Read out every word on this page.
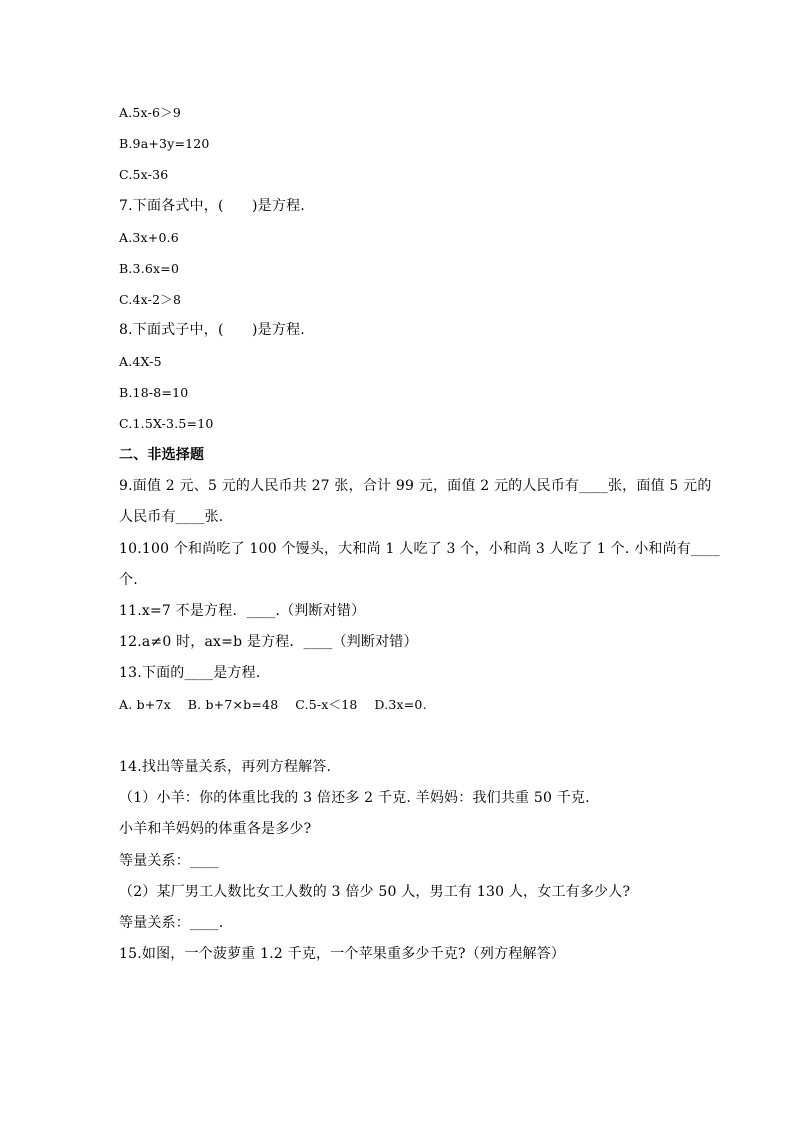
A.5x-6＞9
B.9a+3y=120
C.5x-36
7.下面各式中，(　　)是方程.
A.3x+0.6
B.3.6x=0
C.4x-2＞8
8.下面式子中，(　　)是方程.
A.4X-5
B.18-8=10
C.1.5X-3.5=10
二、非选择题
9.面值 2 元、5 元的人民币共 27 张，合计 99 元，面值 2 元的人民币有____张，面值 5 元的
人民币有____张.
10.100 个和尚吃了 100 个馒头，大和尚 1 人吃了 3 个，小和尚 3 人吃了 1 个. 小和尚有____
个.
11.x=7 不是方程．____.（判断对错）
12.a≠0 时，ax=b 是方程．____（判断对错）
13.下面的____是方程.
A. b+7x　 B. b+7×b=48　 C.5-x＜18　 D.3x=0.
14.找出等量关系，再列方程解答.
（1）小羊：你的体重比我的 3 倍还多 2 千克. 羊妈妈：我们共重 50 千克.
小羊和羊妈妈的体重各是多少?
等量关系：____
（2）某厂男工人数比女工人数的 3 倍少 50 人，男工有 130 人，女工有多少人?
等量关系：____.
15.如图，一个菠萝重 1.2 千克，一个苹果重多少千克?（列方程解答）
